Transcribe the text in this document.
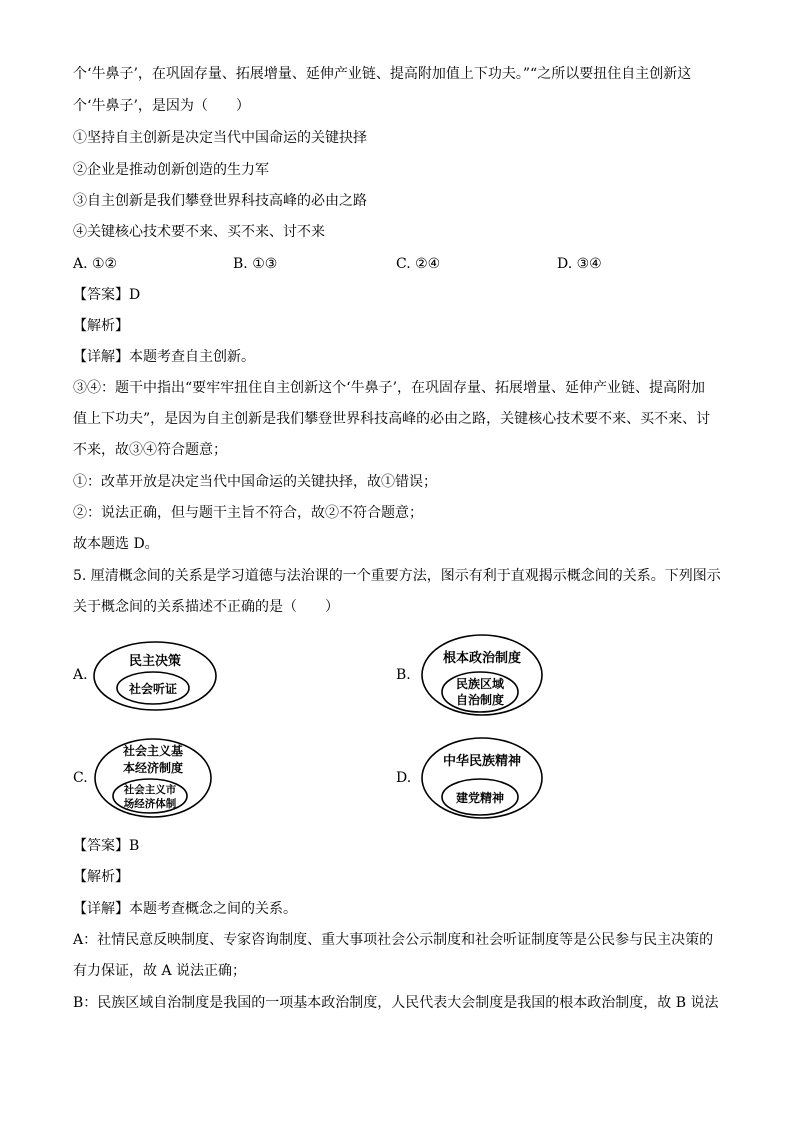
个‘牛鼻子’，在巩固存量、拓展增量、延伸产业链、提高附加值上下功夫。”“之所以要扭住自主创新这
个‘牛鼻子’，是因为（　　）
①坚持自主创新是决定当代中国命运的关键抉择
②企业是推动创新创造的生力军
③自主创新是我们攀登世界科技高峰的必由之路
④关键核心技术要不来、买不来、讨不来
A. ①②	B. ①③	C. ②④	D. ③④
【答案】D
【解析】
【详解】本题考查自主创新。
③④：题干中指出“要牢牢扭住自主创新这个‘牛鼻子’，在巩固存量、拓展增量、延伸产业链、提高附加
值上下功夫”，是因为自主创新是我们攀登世界科技高峰的必由之路，关键核心技术要不来、买不来、讨
不来，故③④符合题意；
①：改革开放是决定当代中国命运的关键抉择，故①错误；
②：说法正确，但与题干主旨不符合，故②不符合题意；
故本题选 D。
5. 厘清概念间的关系是学习道德与法治课的一个重要方法，图示有利于直观揭示概念间的关系。下列图示
关于概念间的关系描述不正确的是（　　）
A.
民主决策
社会听证
B.
根本政治制度
民族区域
自治制度
C.
社会主义基
本经济制度
社会主义市
场经济体制
D.
中华民族精神
建党精神
【答案】B
【解析】
【详解】本题考查概念之间的关系。
A：社情民意反映制度、专家咨询制度、重大事项社会公示制度和社会听证制度等是公民参与民主决策的
有力保证，故 A 说法正确；
B：民族区域自治制度是我国的一项基本政治制度，人民代表大会制度是我国的根本政治制度，故 B 说法
